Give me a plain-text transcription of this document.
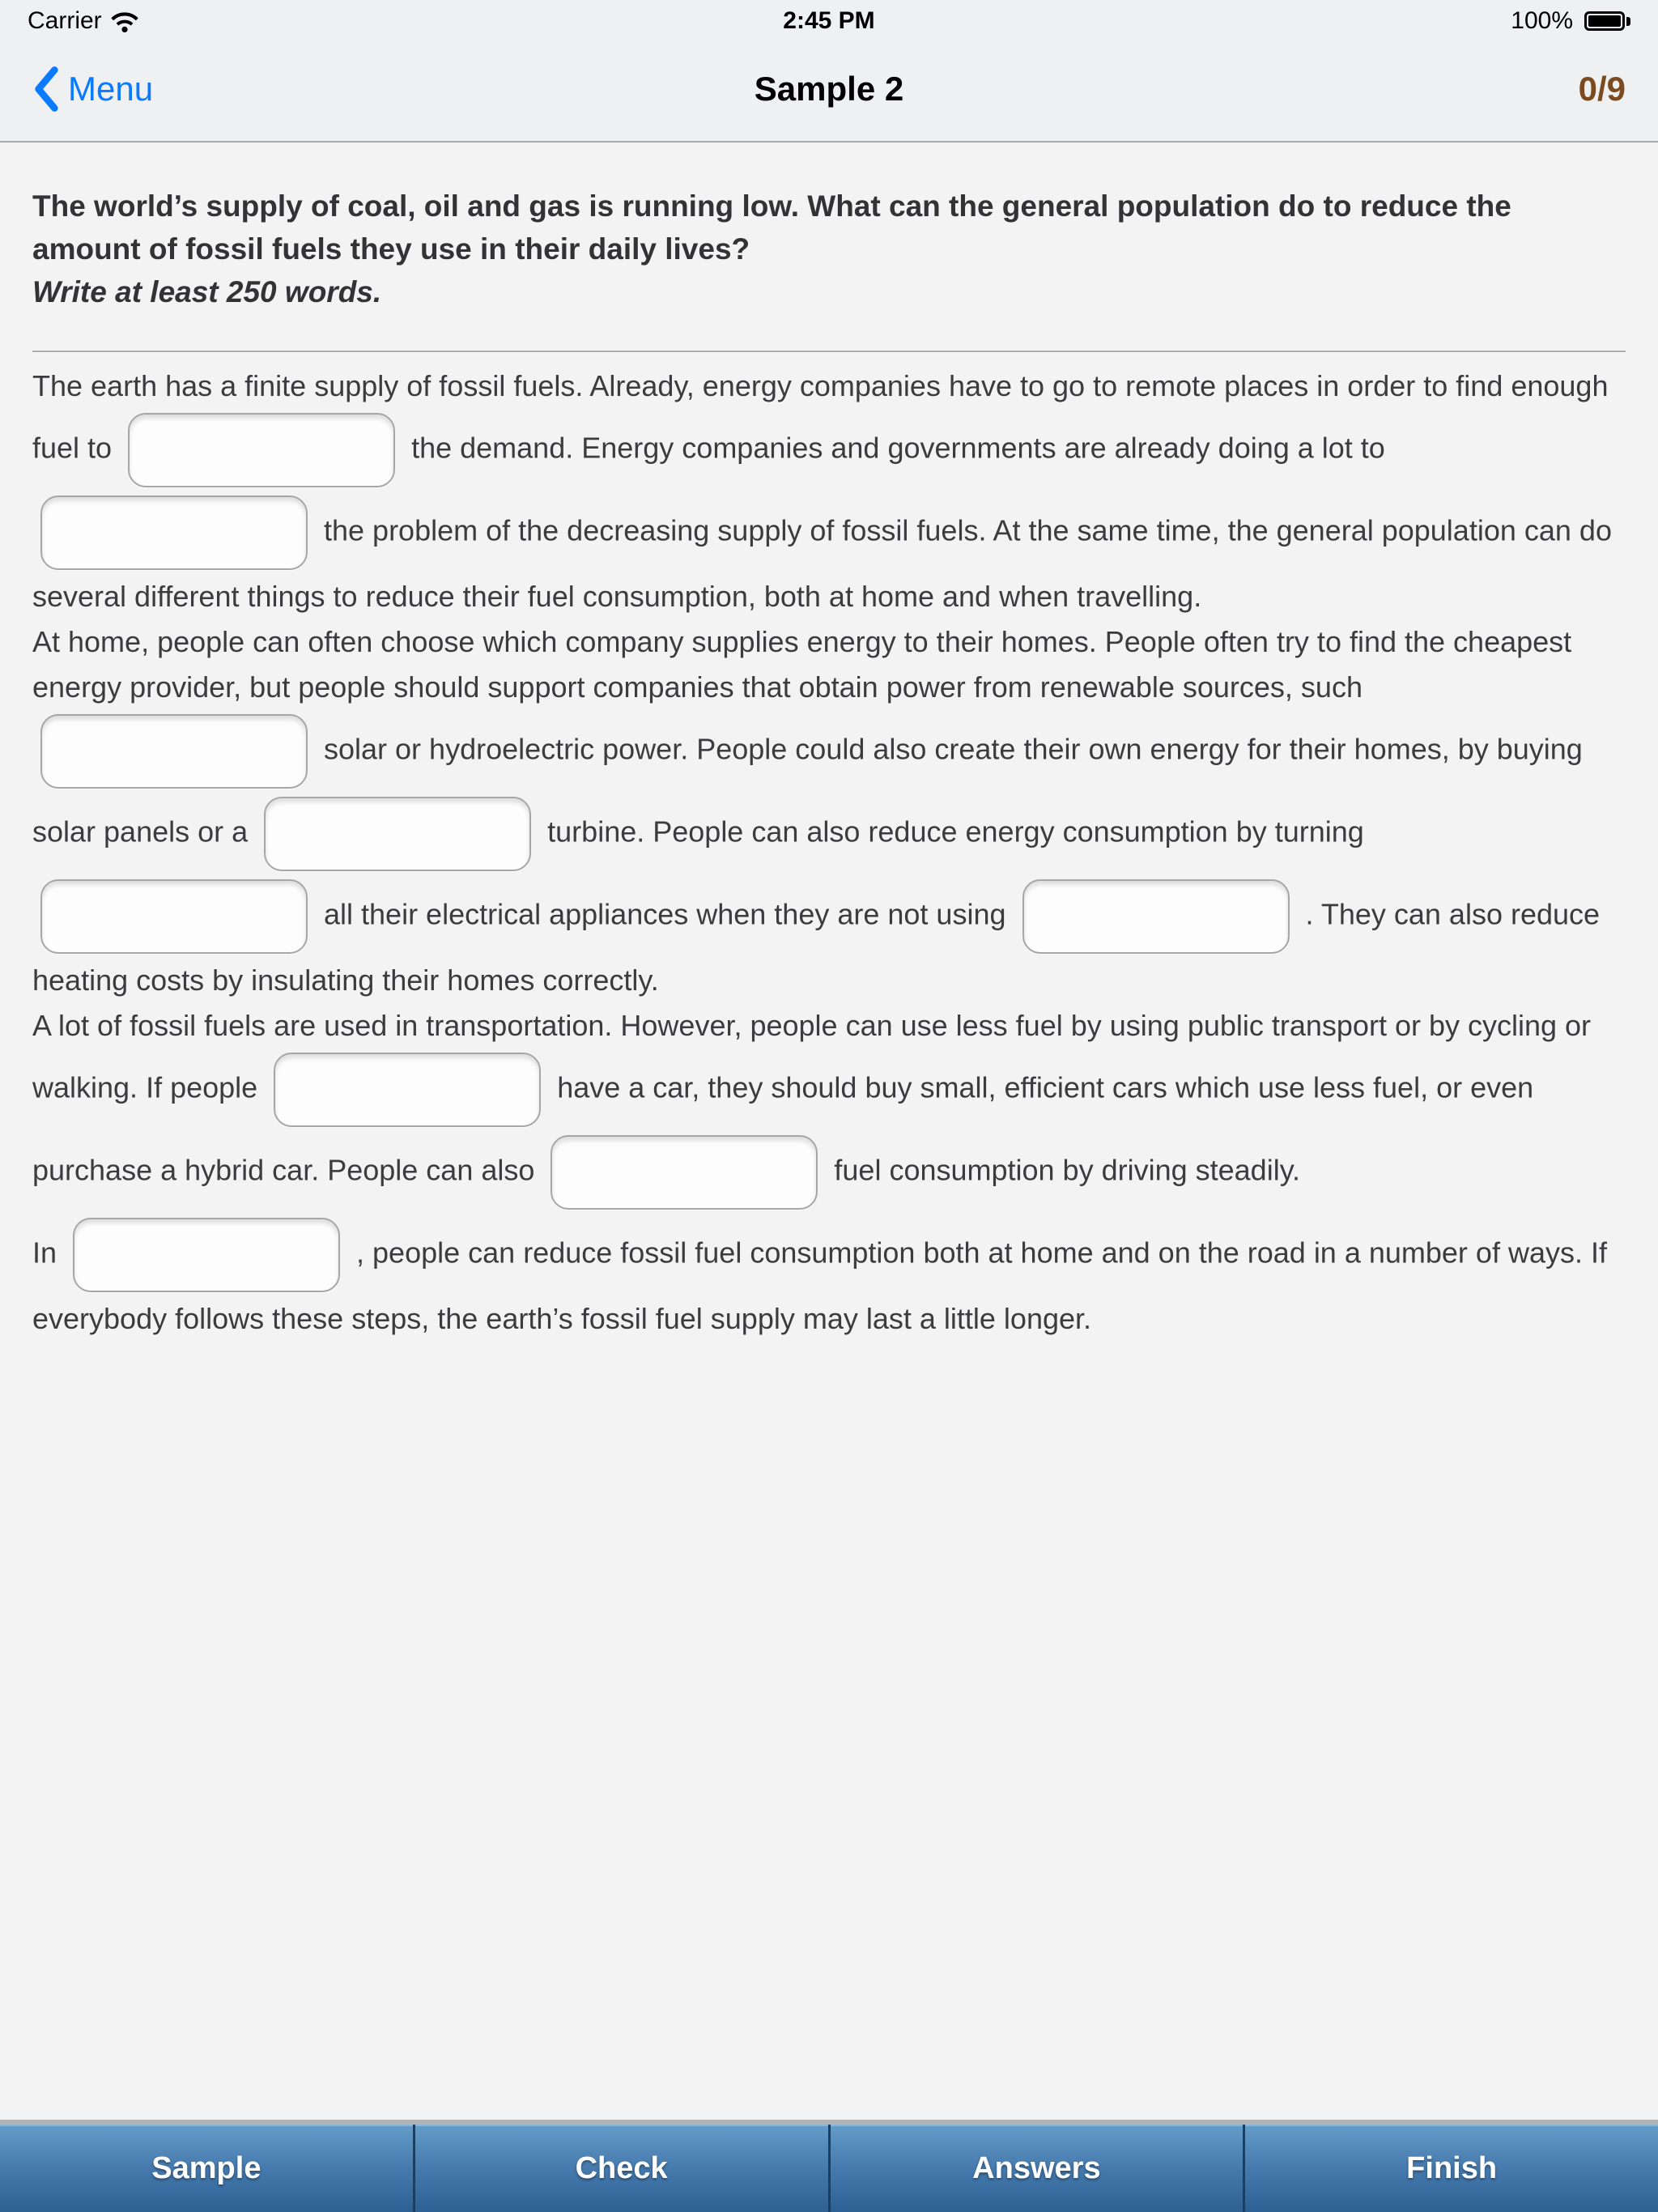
Carrier	2:45 PM	100%
Menu	Sample 2	0/9
The world’s supply of coal, oil and gas is running low. What can the general population do to reduce the amount of fossil fuels they use in their daily lives?
Write at least 250 words.

The earth has a finite supply of fossil fuels. Already, energy companies have to go to remote places in order to find enough fuel to	the demand. Energy companies and governments are already doing a lot to  the problem of the decreasing supply of fossil fuels. At the same time, the general population can do several different things to reduce their fuel consumption, both at home and when travelling.

At home, people can often choose which company supplies energy to their homes. People often try to find the cheapest energy provider, but people should support companies that obtain power from renewable sources, such  solar or hydroelectric power. People could also create their own energy for their homes, by buying solar panels or a	turbine. People can also reduce energy consumption by turning  all their electrical appliances when they are not using	. They can also reduce heating costs by insulating their homes correctly.

A lot of fossil fuels are used in transportation. However, people can use less fuel by using public transport or by cycling or walking. If people	have a car, they should buy small, efficient cars which use less fuel, or even purchase a hybrid car. People can also	fuel consumption by driving steadily.

In	, people can reduce fossil fuel consumption both at home and on the road in a number of ways. If everybody follows these steps, the earth’s fossil fuel supply may last a little longer.

Sample	Check	Answers	Finish
